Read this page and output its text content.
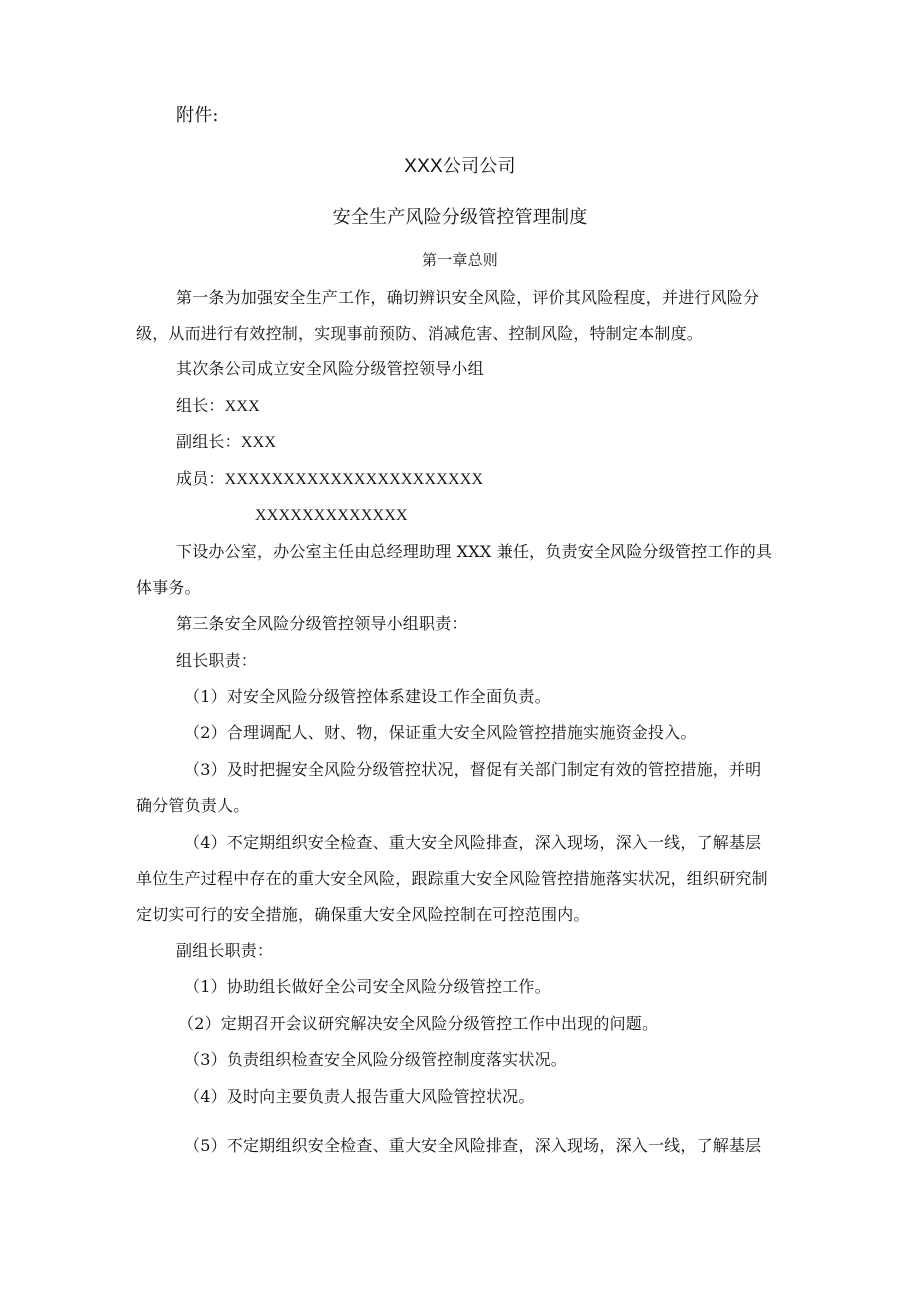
附件:
XXX公司公司
安全生产风险分级管控管理制度
第一章总则
第一条为加强安全生产工作，确切辨识安全风险，评价其风险程度，并进行风险分
级，从而进行有效控制，实现事前预防、消减危害、控制风险，特制定本制度。
其次条公司成立安全风险分级管控领导小组
组长：XXX
副组长：XXX
成员：XXXXXXXXXXXXXXXXXXXXXX
XXXXXXXXXXXXX
下设办公室，办公室主任由总经理助理 XXX 兼任，负责安全风险分级管控工作的具
体事务。
第三条安全风险分级管控领导小组职责：
组长职责：
（1）对安全风险分级管控体系建设工作全面负责。
（2）合理调配人、财、物，保证重大安全风险管控措施实施资金投入。
（3）及时把握安全风险分级管控状况，督促有关部门制定有效的管控措施，并明
确分管负责人。
（4）不定期组织安全检查、重大安全风险排查，深入现场，深入一线，了解基层
单位生产过程中存在的重大安全风险，跟踪重大安全风险管控措施落实状况，组织研究制
定切实可行的安全措施，确保重大安全风险控制在可控范围内。
副组长职责：
（1）协助组长做好全公司安全风险分级管控工作。
（2）定期召开会议研究解决安全风险分级管控工作中出现的问题。
（3）负责组织检查安全风险分级管控制度落实状况。
（4）及时向主要负责人报告重大风险管控状况。
（5）不定期组织安全检查、重大安全风险排查，深入现场，深入一线，了解基层
